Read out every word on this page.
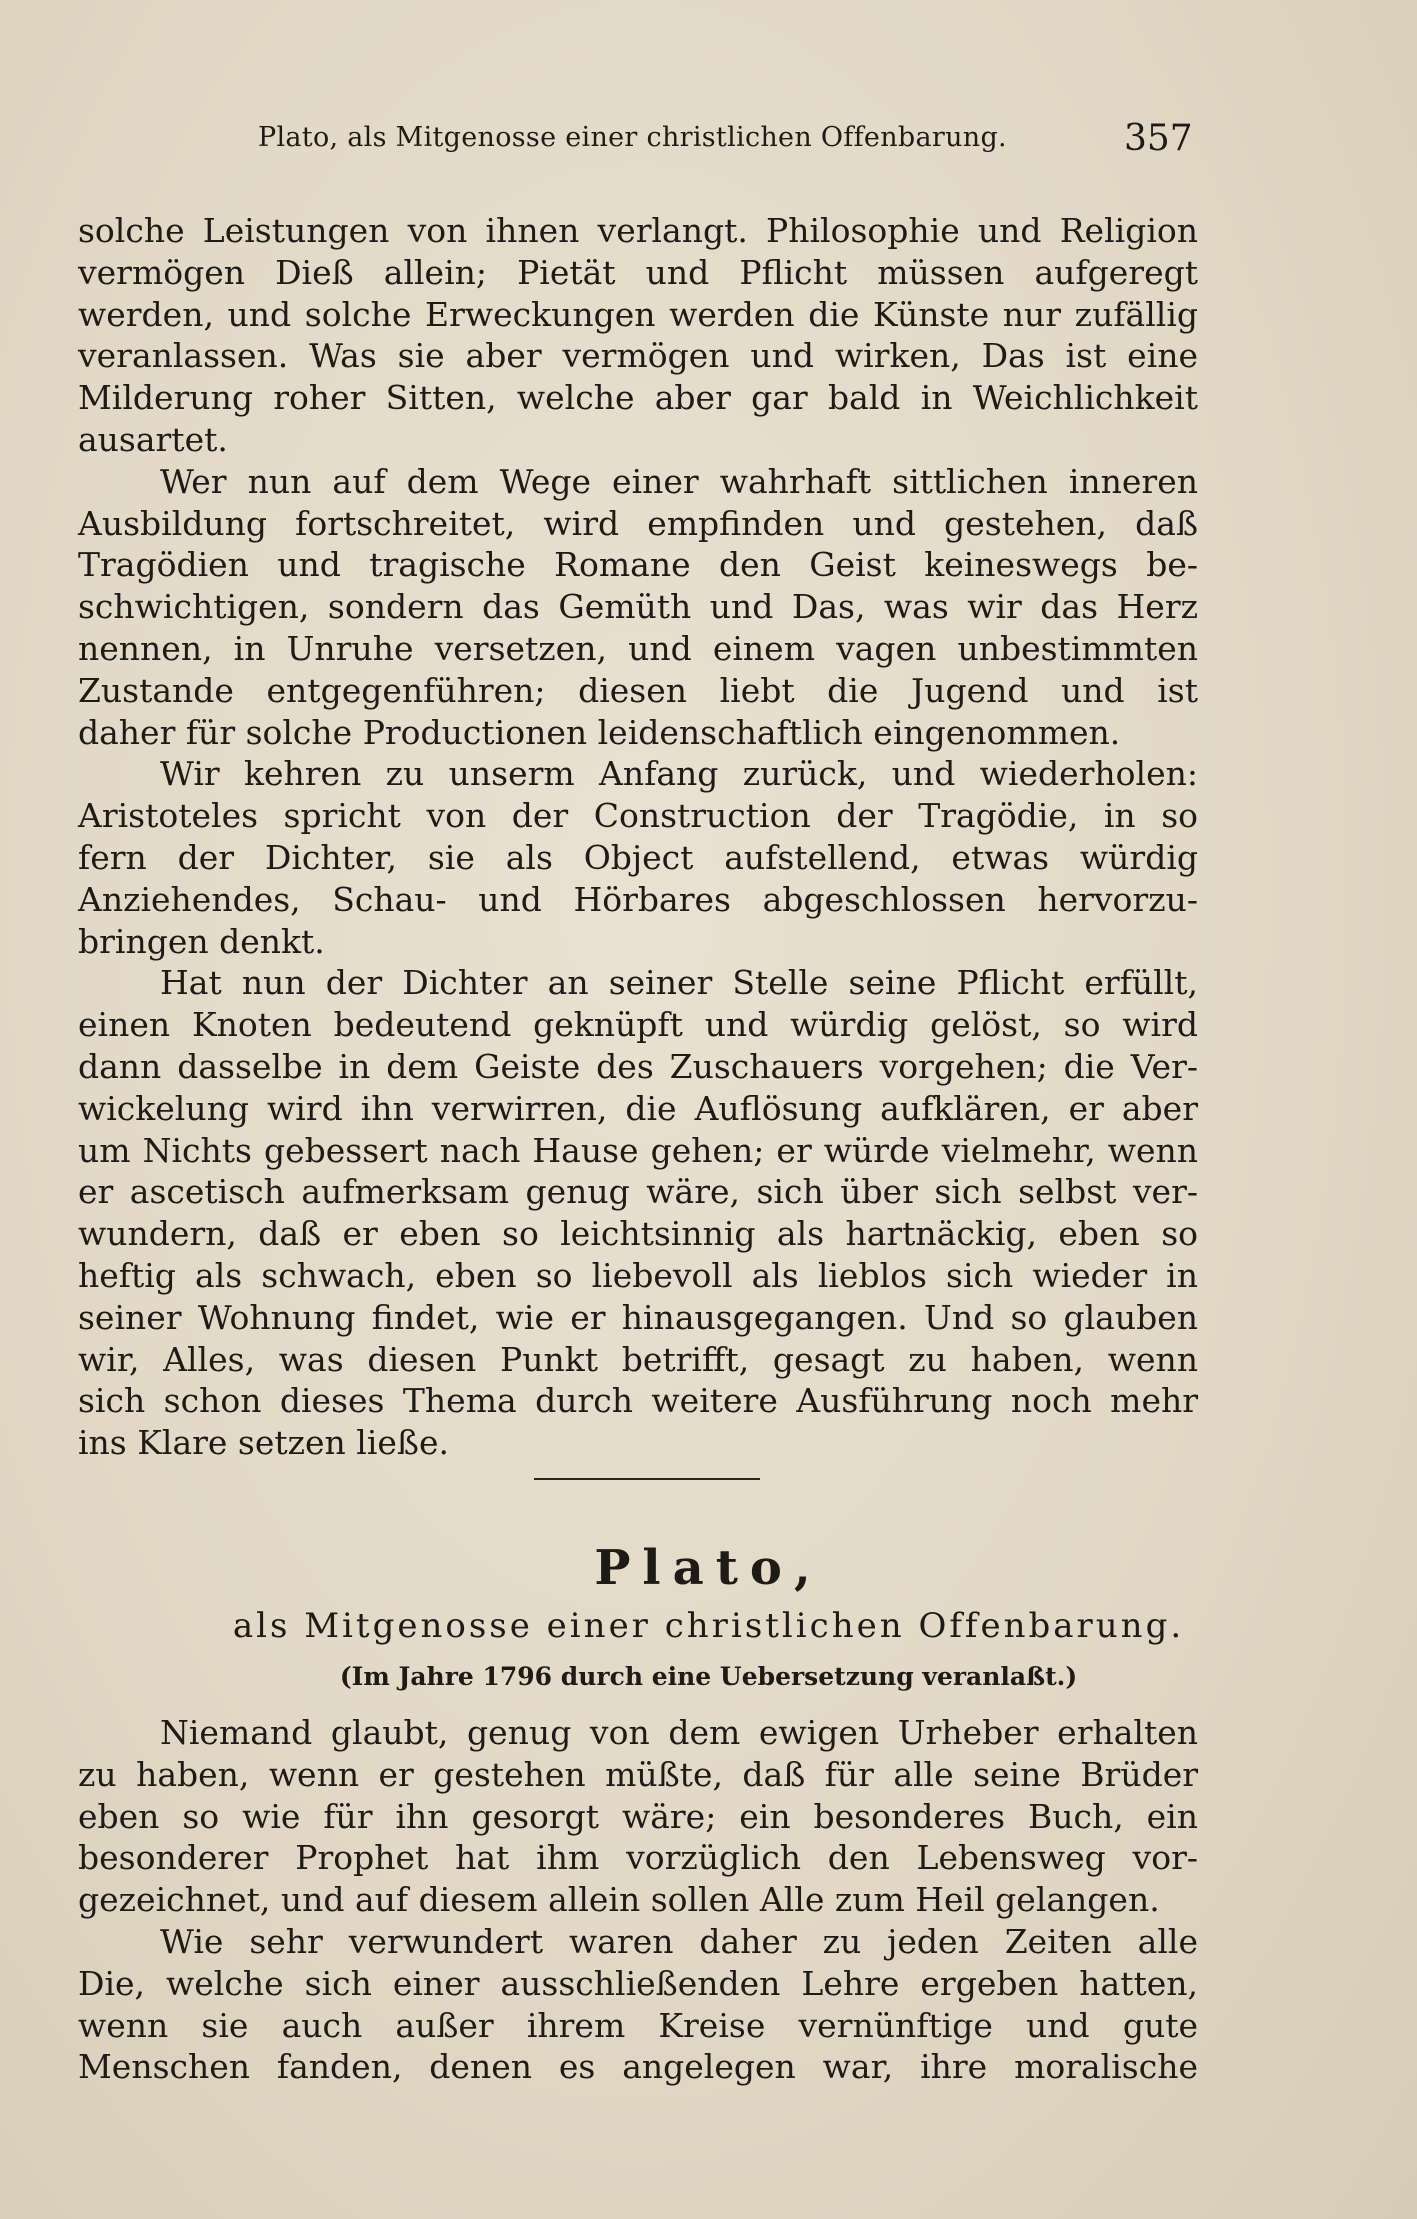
Plato, als Mitgenosse einer christlichen Offenbarung.	357
solche Leistungen von ihnen verlangt. Philosophie und Religion
vermögen Dieß allein; Pietät und Pflicht müssen aufgeregt
werden, und solche Erweckungen werden die Künste nur zufällig
veranlassen. Was sie aber vermögen und wirken, Das ist eine
Milderung roher Sitten, welche aber gar bald in Weichlichkeit
ausartet.
Wer nun auf dem Wege einer wahrhaft sittlichen inneren
Ausbildung fortschreitet, wird empfinden und gestehen, daß
Tragödien und tragische Romane den Geist keineswegs be-
schwichtigen, sondern das Gemüth und Das, was wir das Herz
nennen, in Unruhe versetzen, und einem vagen unbestimmten
Zustande entgegenführen; diesen liebt die Jugend und ist
daher für solche Productionen leidenschaftlich eingenommen.
Wir kehren zu unserm Anfang zurück, und wiederholen:
Aristoteles spricht von der Construction der Tragödie, in so
fern der Dichter, sie als Object aufstellend, etwas würdig
Anziehendes, Schau- und Hörbares abgeschlossen hervorzu-
bringen denkt.
Hat nun der Dichter an seiner Stelle seine Pflicht erfüllt,
einen Knoten bedeutend geknüpft und würdig gelöst, so wird
dann dasselbe in dem Geiste des Zuschauers vorgehen; die Ver-
wickelung wird ihn verwirren, die Auflösung aufklären, er aber
um Nichts gebessert nach Hause gehen; er würde vielmehr, wenn
er ascetisch aufmerksam genug wäre, sich über sich selbst ver-
wundern, daß er eben so leichtsinnig als hartnäckig, eben so
heftig als schwach, eben so liebevoll als lieblos sich wieder in
seiner Wohnung findet, wie er hinausgegangen. Und so glauben
wir, Alles, was diesen Punkt betrifft, gesagt zu haben, wenn
sich schon dieses Thema durch weitere Ausführung noch mehr
ins Klare setzen ließe.
Plato,
als Mitgenosse einer christlichen Offenbarung.
(Im Jahre 1796 durch eine Uebersetzung veranlaßt.)
Niemand glaubt, genug von dem ewigen Urheber erhalten
zu haben, wenn er gestehen müßte, daß für alle seine Brüder
eben so wie für ihn gesorgt wäre; ein besonderes Buch, ein
besonderer Prophet hat ihm vorzüglich den Lebensweg vor-
gezeichnet, und auf diesem allein sollen Alle zum Heil gelangen.
Wie sehr verwundert waren daher zu jeden Zeiten alle
Die, welche sich einer ausschließenden Lehre ergeben hatten,
wenn sie auch außer ihrem Kreise vernünftige und gute
Menschen fanden, denen es angelegen war, ihre moralische
